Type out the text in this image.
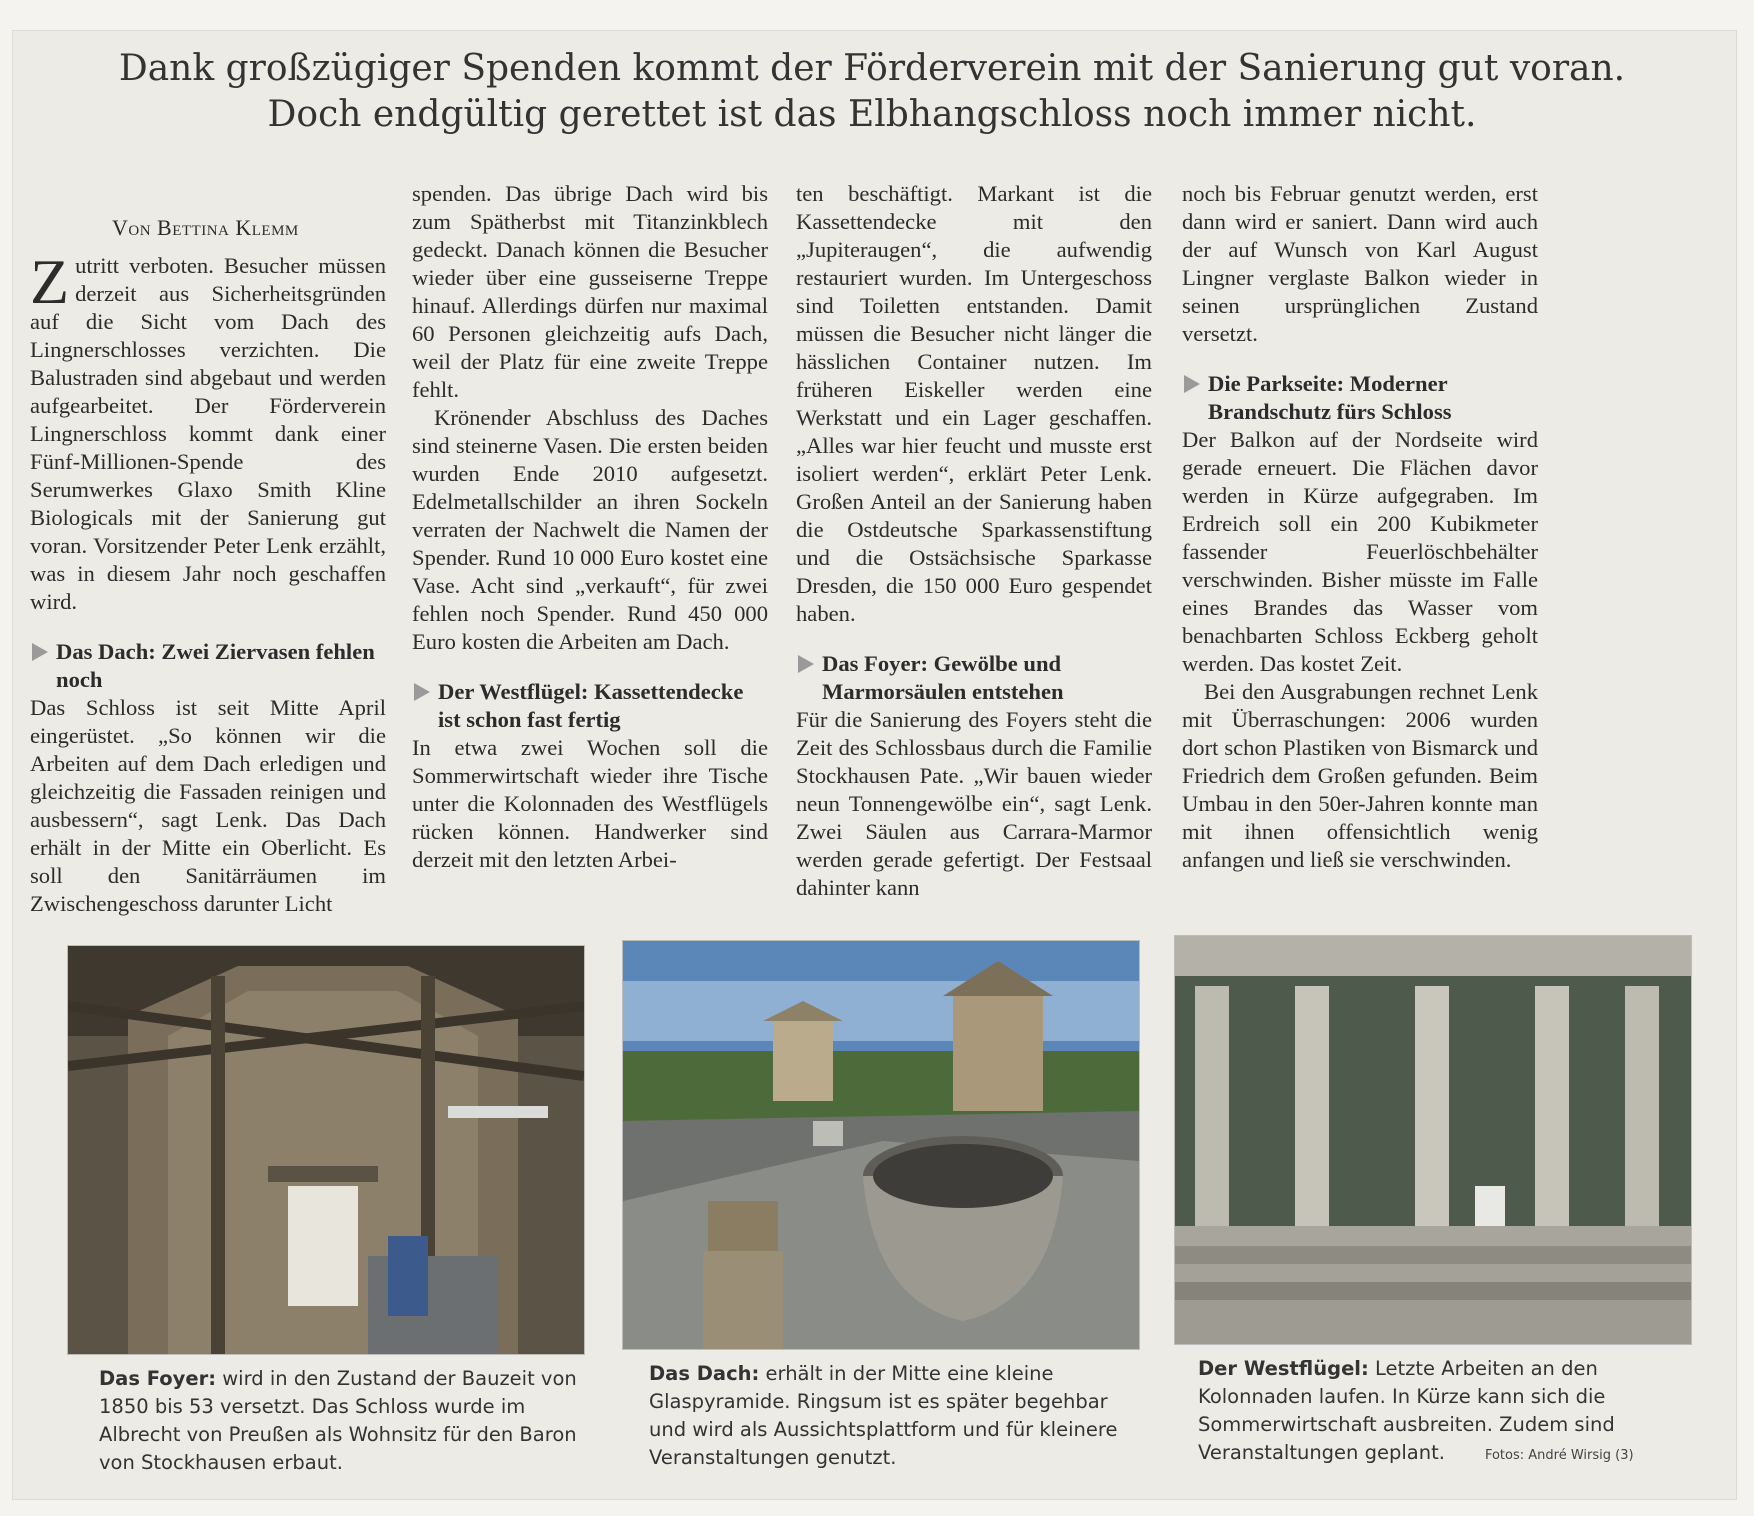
Dank großzügiger Spenden kommt der Förderverein mit der Sanierung gut voran.
Doch endgültig gerettet ist das Elbhangschloss noch immer nicht.

Von Bettina Klemm

Zutritt verboten. Besucher müssen derzeit aus Sicherheitsgründen auf die Sicht vom Dach des Lingnerschlosses verzichten. Die Balustraden sind abgebaut und werden aufgearbeitet. Der Förderverein Lingnerschloss kommt dank einer Fünf-Millionen-Spende des Serumwerkes Glaxo Smith Kline Biologicals mit der Sanierung gut voran. Vorsitzender Peter Lenk erzählt, was in diesem Jahr noch geschaffen wird.

Das Dach: Zwei Ziervasen fehlen noch

Das Schloss ist seit Mitte April eingerüstet. „So können wir die Arbeiten auf dem Dach erledigen und gleichzeitig die Fassaden reinigen und ausbessern“, sagt Lenk. Das Dach erhält in der Mitte ein Oberlicht. Es soll den Sanitärräumen im Zwischengeschoss darunter Licht

spenden. Das übrige Dach wird bis zum Spätherbst mit Titanzinkblech gedeckt. Danach können die Besucher wieder über eine gusseiserne Treppe hinauf. Allerdings dürfen nur maximal 60 Personen gleichzeitig aufs Dach, weil der Platz für eine zweite Treppe fehlt.

Krönender Abschluss des Daches sind steinerne Vasen. Die ersten beiden wurden Ende 2010 aufgesetzt. Edelmetallschilder an ihren Sockeln verraten der Nachwelt die Namen der Spender. Rund 10 000 Euro kostet eine Vase. Acht sind „verkauft“, für zwei fehlen noch Spender. Rund 450 000 Euro kosten die Arbeiten am Dach.

Der Westflügel: Kassettendecke ist schon fast fertig

In etwa zwei Wochen soll die Sommerwirtschaft wieder ihre Tische unter die Kolonnaden des Westflügels rücken können. Handwerker sind derzeit mit den letzten Arbei-

ten beschäftigt. Markant ist die Kassettendecke mit den „Jupiteraugen“, die aufwendig restauriert wurden. Im Untergeschoss sind Toiletten entstanden. Damit müssen die Besucher nicht länger die hässlichen Container nutzen. Im früheren Eiskeller werden eine Werkstatt und ein Lager geschaffen. „Alles war hier feucht und musste erst isoliert werden“, erklärt Peter Lenk. Großen Anteil an der Sanierung haben die Ostdeutsche Sparkassenstiftung und die Ostsächsische Sparkasse Dresden, die 150 000 Euro gespendet haben.

Das Foyer: Gewölbe und Marmorsäulen entstehen

Für die Sanierung des Foyers steht die Zeit des Schlossbaus durch die Familie Stockhausen Pate. „Wir bauen wieder neun Tonnengewölbe ein“, sagt Lenk. Zwei Säulen aus Carrara-Marmor werden gerade gefertigt. Der Festsaal dahinter kann

noch bis Februar genutzt werden, erst dann wird er saniert. Dann wird auch der auf Wunsch von Karl August Lingner verglaste Balkon wieder in seinen ursprünglichen Zustand versetzt.

Die Parkseite: Moderner Brandschutz fürs Schloss

Der Balkon auf der Nordseite wird gerade erneuert. Die Flächen davor werden in Kürze aufgegraben. Im Erdreich soll ein 200 Kubikmeter fassender Feuerlöschbehälter verschwinden. Bisher müsste im Falle eines Brandes das Wasser vom benachbarten Schloss Eckberg geholt werden. Das kostet Zeit.

Bei den Ausgrabungen rechnet Lenk mit Überraschungen: 2006 wurden dort schon Plastiken von Bismarck und Friedrich dem Großen gefunden. Beim Umbau in den 50er-Jahren konnte man mit ihnen offensichtlich wenig anfangen und ließ sie verschwinden.

Das Foyer: wird in den Zustand der Bauzeit von 1850 bis 53 versetzt. Das Schloss wurde im Albrecht von Preußen als Wohnsitz für den Baron von Stockhausen erbaut.
Das Dach: erhält in der Mitte eine kleine Glaspyramide. Ringsum ist es später begehbar und wird als Aussichtsplattform und für kleinere Veranstaltungen genutzt.
Der Westflügel: Letzte Arbeiten an den Kolonnaden laufen. In Kürze kann sich die Sommerwirtschaft ausbreiten. Zudem sind Veranstaltungen geplant.	Fotos: André Wirsig (3)
